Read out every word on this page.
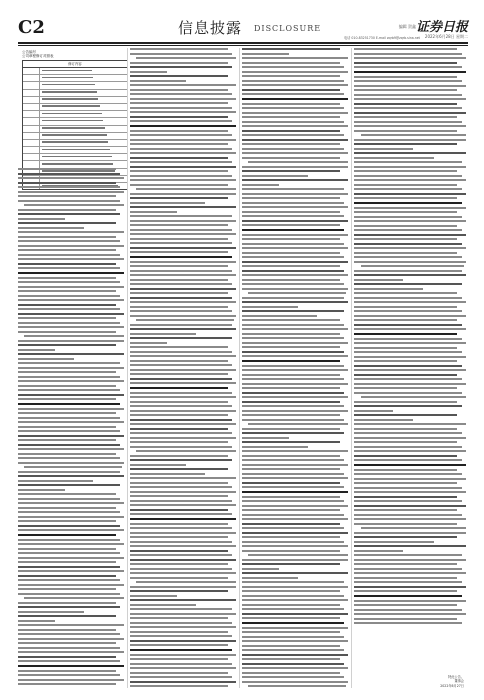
C2	信息披露 DISCLOSURE	编辑 贺鑫 证券日报
电话 010-83251730 E-mail zqrb9@zqrb.sina.net 2022年6月28日 星期二
公告编号
公司章程修订对照表
修订内容
特此公告。
董事会
2022年6月27日
